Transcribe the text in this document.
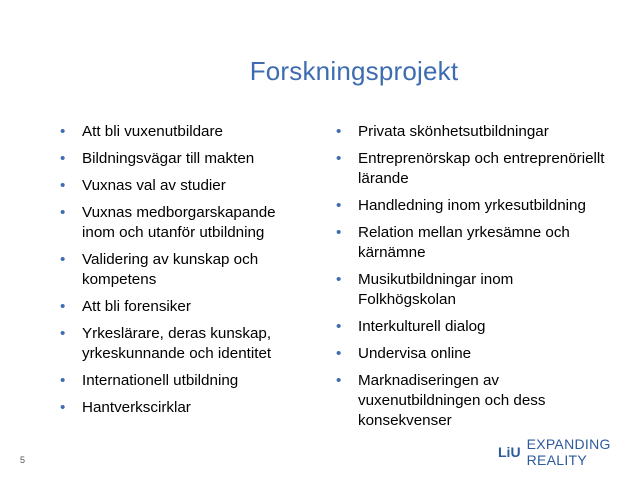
Forskningsprojekt
• Att bli vuxenutbildare
• Bildningsvägar till makten
• Vuxnas val av studier
• Vuxnas medborgarskapande inom och utanför utbildning
• Validering av kunskap och kompetens
• Att bli forensiker
• Yrkeslärare, deras kunskap, yrkeskunnande och identitet
• Internationell utbildning
• Hantverkscirklar
• Privata skönhetsutbildningar
• Entreprenörskap och entreprenöriellt lärande
• Handledning inom yrkesutbildning
• Relation mellan yrkesämne och kärnämne
• Musikutbildningar inom Folkhögskolan
• Interkulturell dialog
• Undervisa online
• Marknadiseringen av vuxenutbildningen och dess konsekvenser
LiU EXPANDING REALITY
5
